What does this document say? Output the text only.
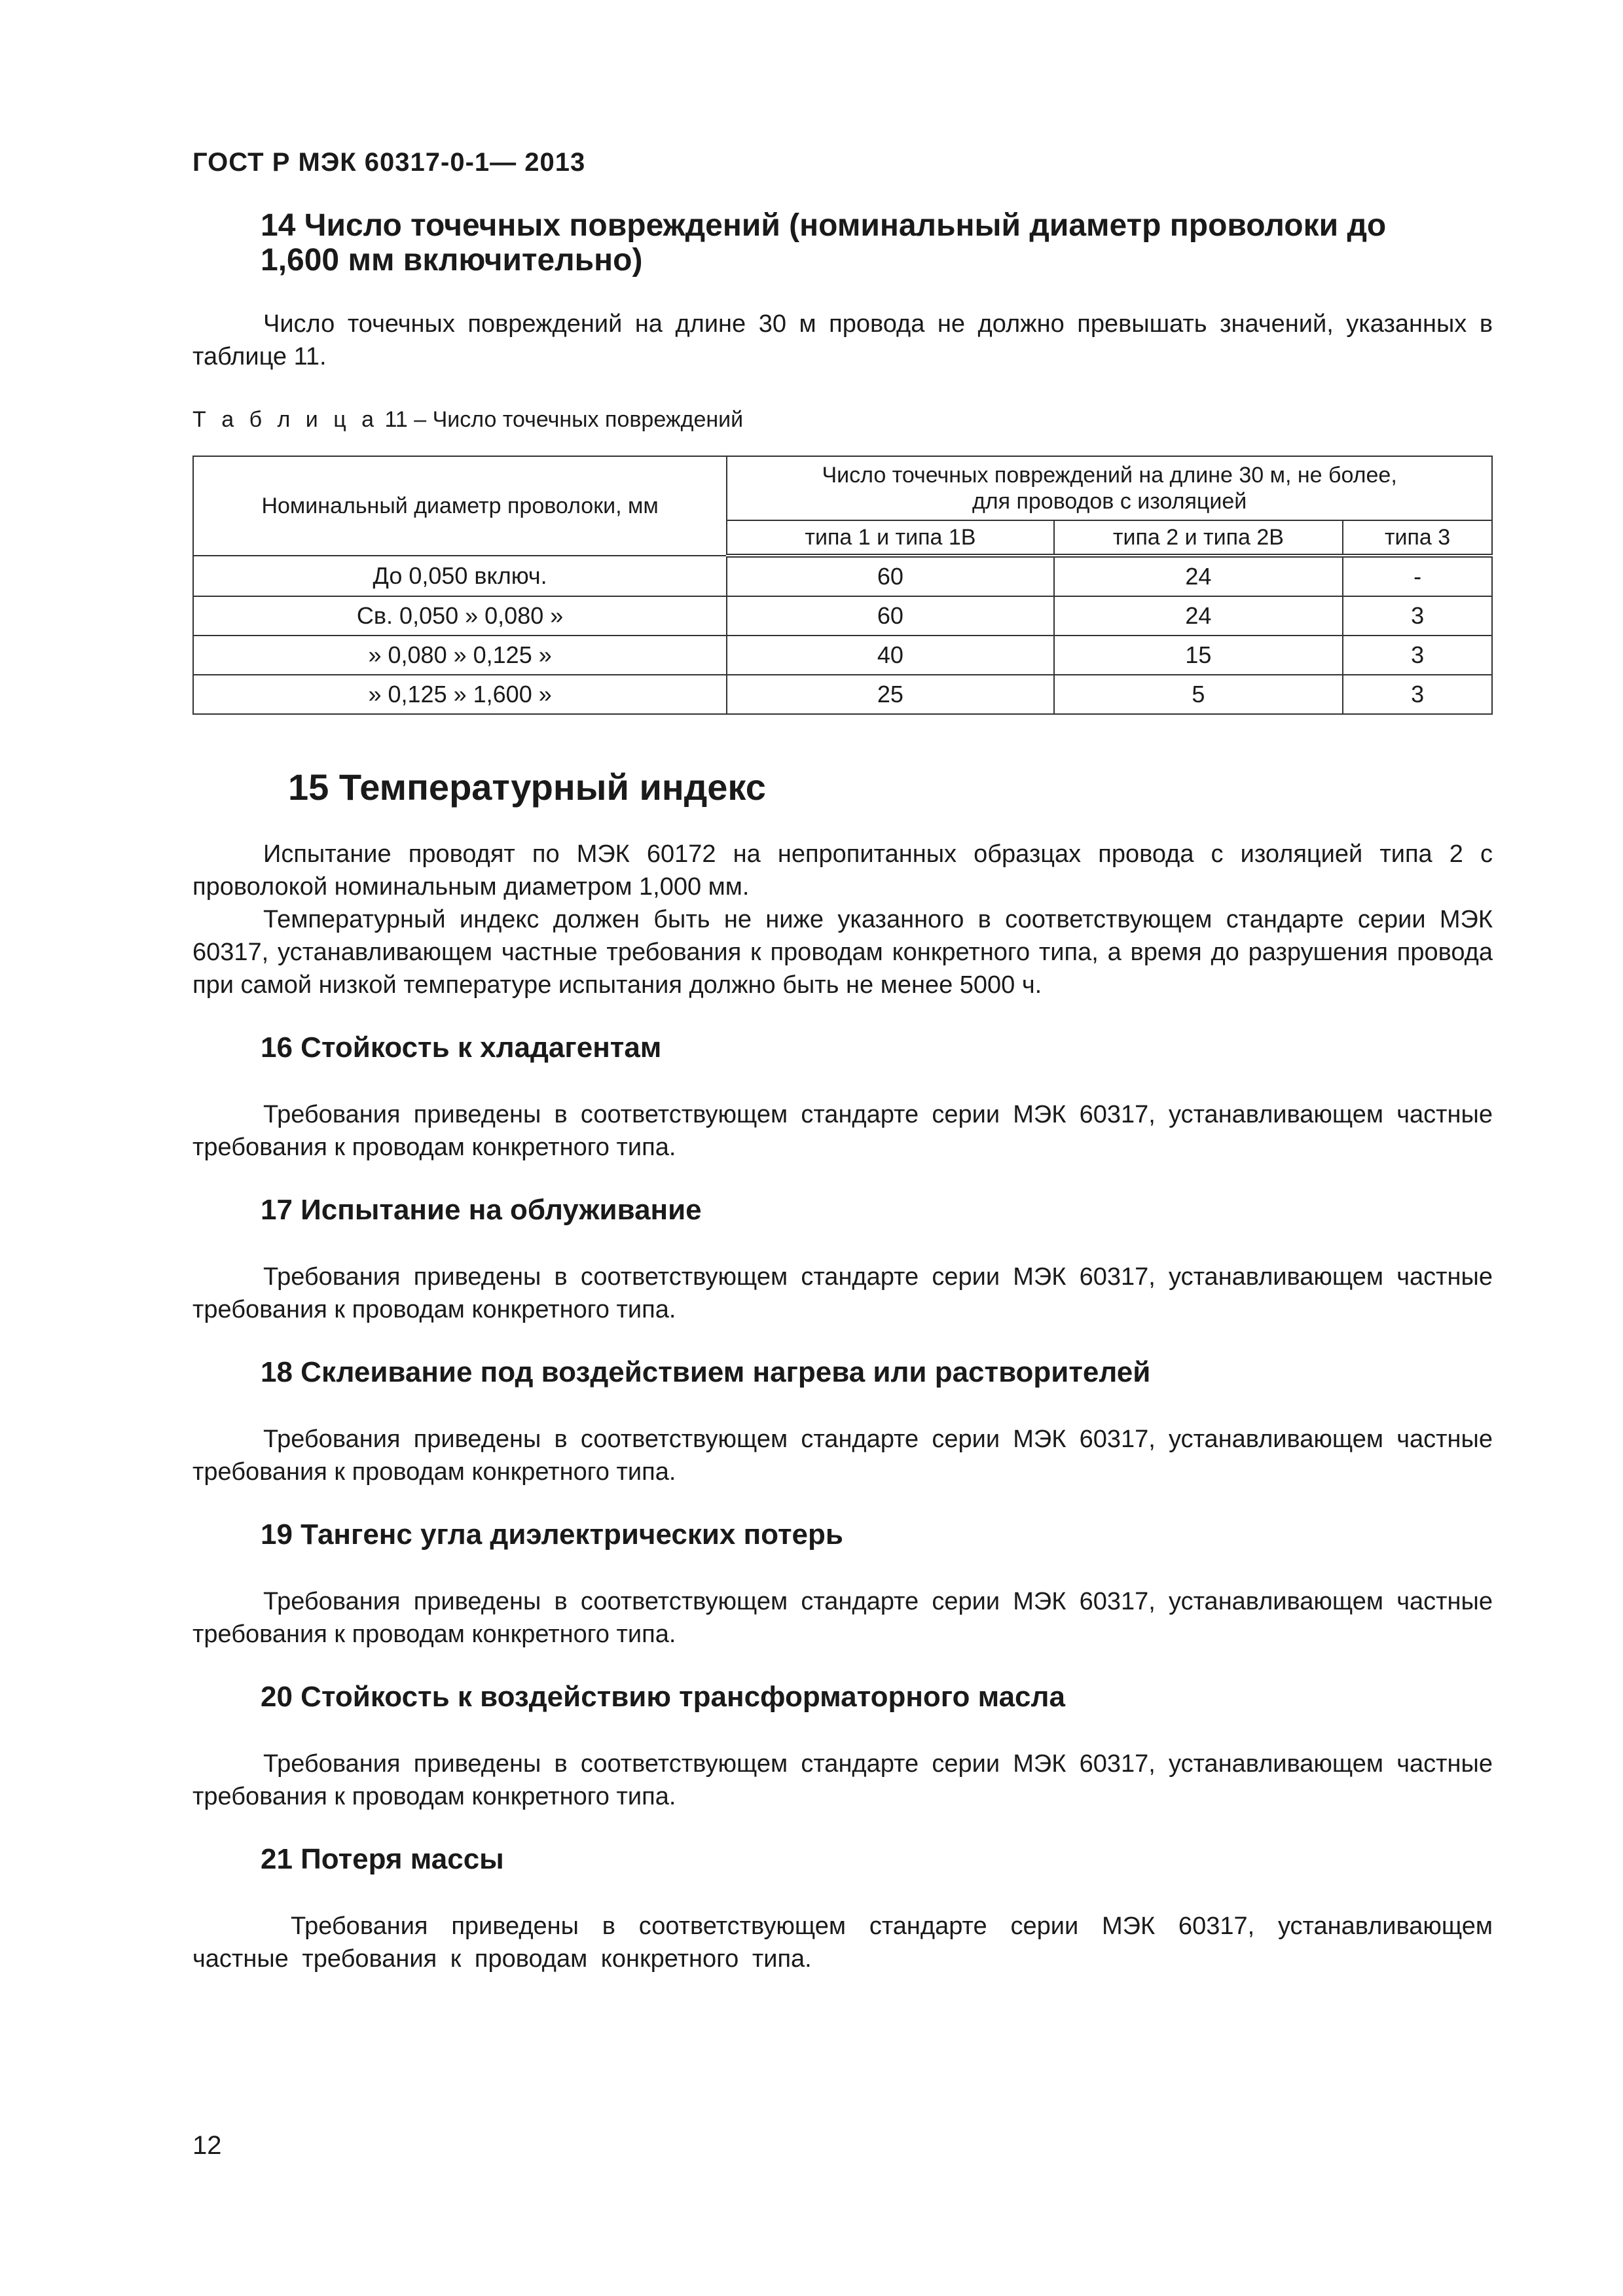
ГОСТ Р МЭК 60317-0-1— 2013
14 Число точечных повреждений (номинальный диаметр проволоки до
1,600 мм включительно)

Число точечных повреждений на длине 30 м провода не должно превышать значений, указанных в таблице 11.

Т а б л и ц а 11 – Число точечных повреждений
Номинальный диаметр проволоки, мм	Число точечных повреждений на длине 30 м, не более,
для проводов с изоляцией		

	типа 1 и типа 1В	типа 2 и типа 2В	типа 3
До 0,050 включ.	60	24	-
Св. 0,050 » 0,080 »	60	24	3
» 0,080 » 0,125 »	40	15	3
» 0,125 » 1,600 »	25	5	3
15 Температурный индекс

Испытание проводят по МЭК 60172 на непропитанных образцах провода с изоляцией типа 2 с проволокой номинальным диаметром 1,000 мм.

Температурный индекс должен быть не ниже указанного в соответствующем стандарте серии МЭК 60317, устанавливающем частные требования к проводам конкретного типа, а время до разрушения провода при самой низкой температуре испытания должно быть не менее 5000 ч.

16 Стойкость к хладагентам

Требования приведены в соответствующем стандарте серии МЭК 60317, устанавливающем частные требования к проводам конкретного типа.

17 Испытание на облуживание

Требования приведены в соответствующем стандарте серии МЭК 60317, устанавливающем частные требования к проводам конкретного типа.

18 Склеивание под воздействием нагрева или растворителей

Требования приведены в соответствующем стандарте серии МЭК 60317, устанавливающем частные требования к проводам конкретного типа.

19 Тангенс угла диэлектрических потерь

Требования приведены в соответствующем стандарте серии МЭК 60317, устанавливающем частные требования к проводам конкретного типа.

20 Стойкость к воздействию трансформаторного масла

Требования приведены в соответствующем стандарте серии МЭК 60317, устанавливающем частные требования к проводам конкретного типа.

21 Потеря массы

Требования приведены в соответствующем стандарте серии МЭК 60317, устанавливающем частные требования к проводам конкретного типа.

12
